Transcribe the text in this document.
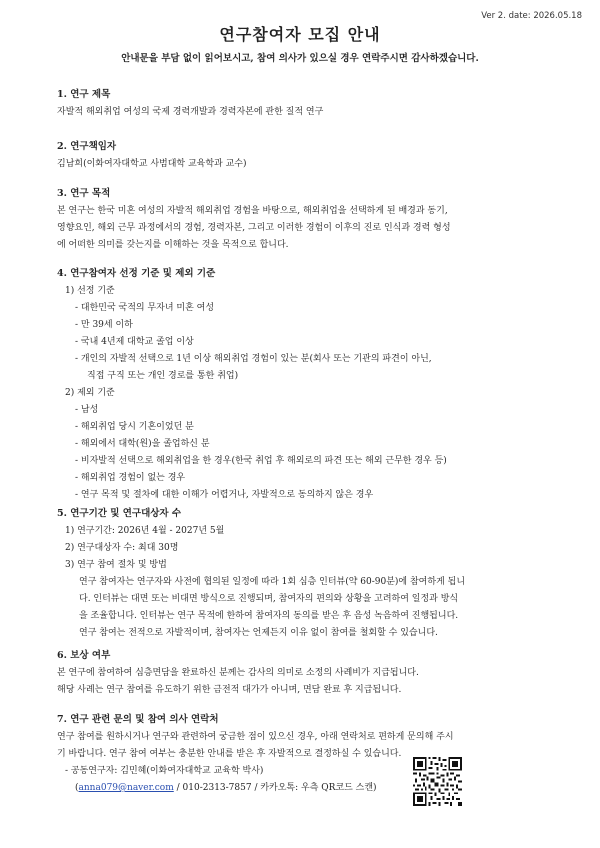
Ver 2. date: 2026.05.18
연구참여자 모집 안내
안내문을 부담 없이 읽어보시고, 참여 의사가 있으실 경우 연락주시면 감사하겠습니다.
1. 연구 제목

자발적 해외취업 여성의 국제 경력개발과 경력자본에 관한 질적 연구

2. 연구책임자

김남희(이화여자대학교 사범대학 교육학과 교수)

3. 연구 목적

본 연구는 한국 미혼 여성의 자발적 해외취업 경험을 바탕으로, 해외취업을 선택하게 된 배경과 동기,

영향요인, 해외 근무 과정에서의 경험, 경력자본, 그리고 이러한 경험이 이후의 진로 인식과 경력 형성

에 어떠한 의미를 갖는지를 이해하는 것을 목적으로 합니다.

4. 연구참여자 선정 기준 및 제외 기준

1) 선정 기준

- 대한민국 국적의 무자녀 미혼 여성

- 만 39세 이하

- 국내 4년제 대학교 졸업 이상

- 개인의 자발적 선택으로 1년 이상 해외취업 경험이 있는 분(회사 또는 기관의 파견이 아닌,

직접 구직 또는 개인 경로를 통한 취업)

2) 제외 기준

- 남성

- 해외취업 당시 기혼이었던 분

- 해외에서 대학(원)을 졸업하신 분

- 비자발적 선택으로 해외취업을 한 경우(한국 취업 후 해외로의 파견 또는 해외 근무한 경우 등)

- 해외취업 경험이 없는 경우

- 연구 목적 및 절차에 대한 이해가 어렵거나, 자발적으로 동의하지 않은 경우

5. 연구기간 및 연구대상자 수

1) 연구기간: 2026년 4월 - 2027년 5월

2) 연구대상자 수: 최대 30명

3) 연구 참여 절차 및 방법

연구 참여자는 연구자와 사전에 협의된 일정에 따라 1회 심층 인터뷰(약 60-90분)에 참여하게 됩니

다. 인터뷰는 대면 또는 비대면 방식으로 진행되며, 참여자의 편의와 상황을 고려하여 일정과 방식

을 조율합니다. 인터뷰는 연구 목적에 한하여 참여자의 동의를 받은 후 음성 녹음하여 진행됩니다.

연구 참여는 전적으로 자발적이며, 참여자는 언제든지 이유 없이 참여를 철회할 수 있습니다.

6. 보상 여부

본 연구에 참여하여 심층면담을 완료하신 분께는 감사의 의미로 소정의 사례비가 지급됩니다.

해당 사례는 연구 참여를 유도하기 위한 금전적 대가가 아니며, 면담 완료 후 지급됩니다.

7. 연구 관련 문의 및 참여 의사 연락처

연구 참여를 원하시거나 연구와 관련하여 궁금한 점이 있으신 경우, 아래 연락처로 편하게 문의해 주시

기 바랍니다. 연구 참여 여부는 충분한 안내를 받은 후 자발적으로 결정하실 수 있습니다.

- 공동연구자: 김민혜(이화여자대학교 교육학 박사)

(anna079@naver.com / 010-2313-7857 / 카카오톡: 우측 QR코드 스캔)
